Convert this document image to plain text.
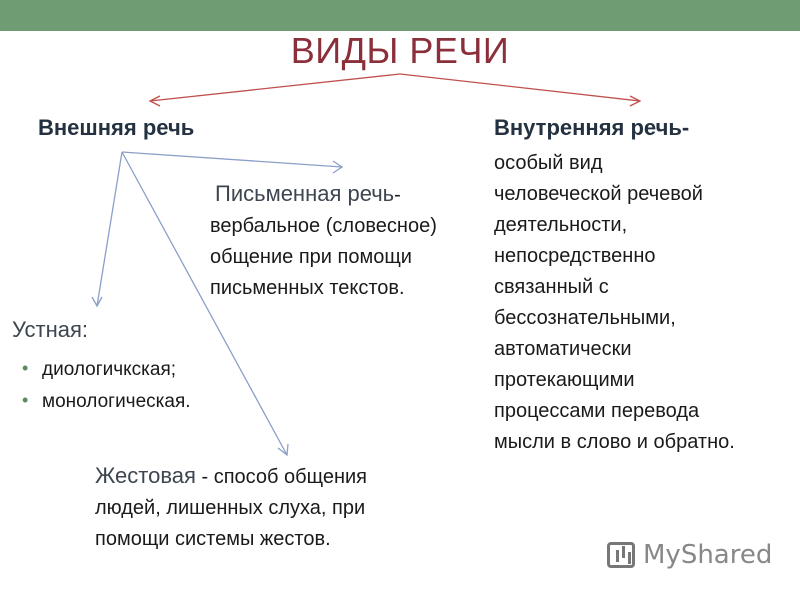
ВИДЫ РЕЧИ
Внешняя речь	Внутренняя речь-
особый вид
человеческой речевой
деятельности,
непосредственно
связанный с
бессознательными,
автоматически
протекающими
процессами перевода
мысли в слово и обратно.
Письменная речь-
вербальное (словесное)
общение при помощи
письменных текстов.
Устная:
• диологичкская;
• монологическая.
Жестовая - способ общения
людей, лишенных слуха, при
помощи системы жестов.
MyShared
